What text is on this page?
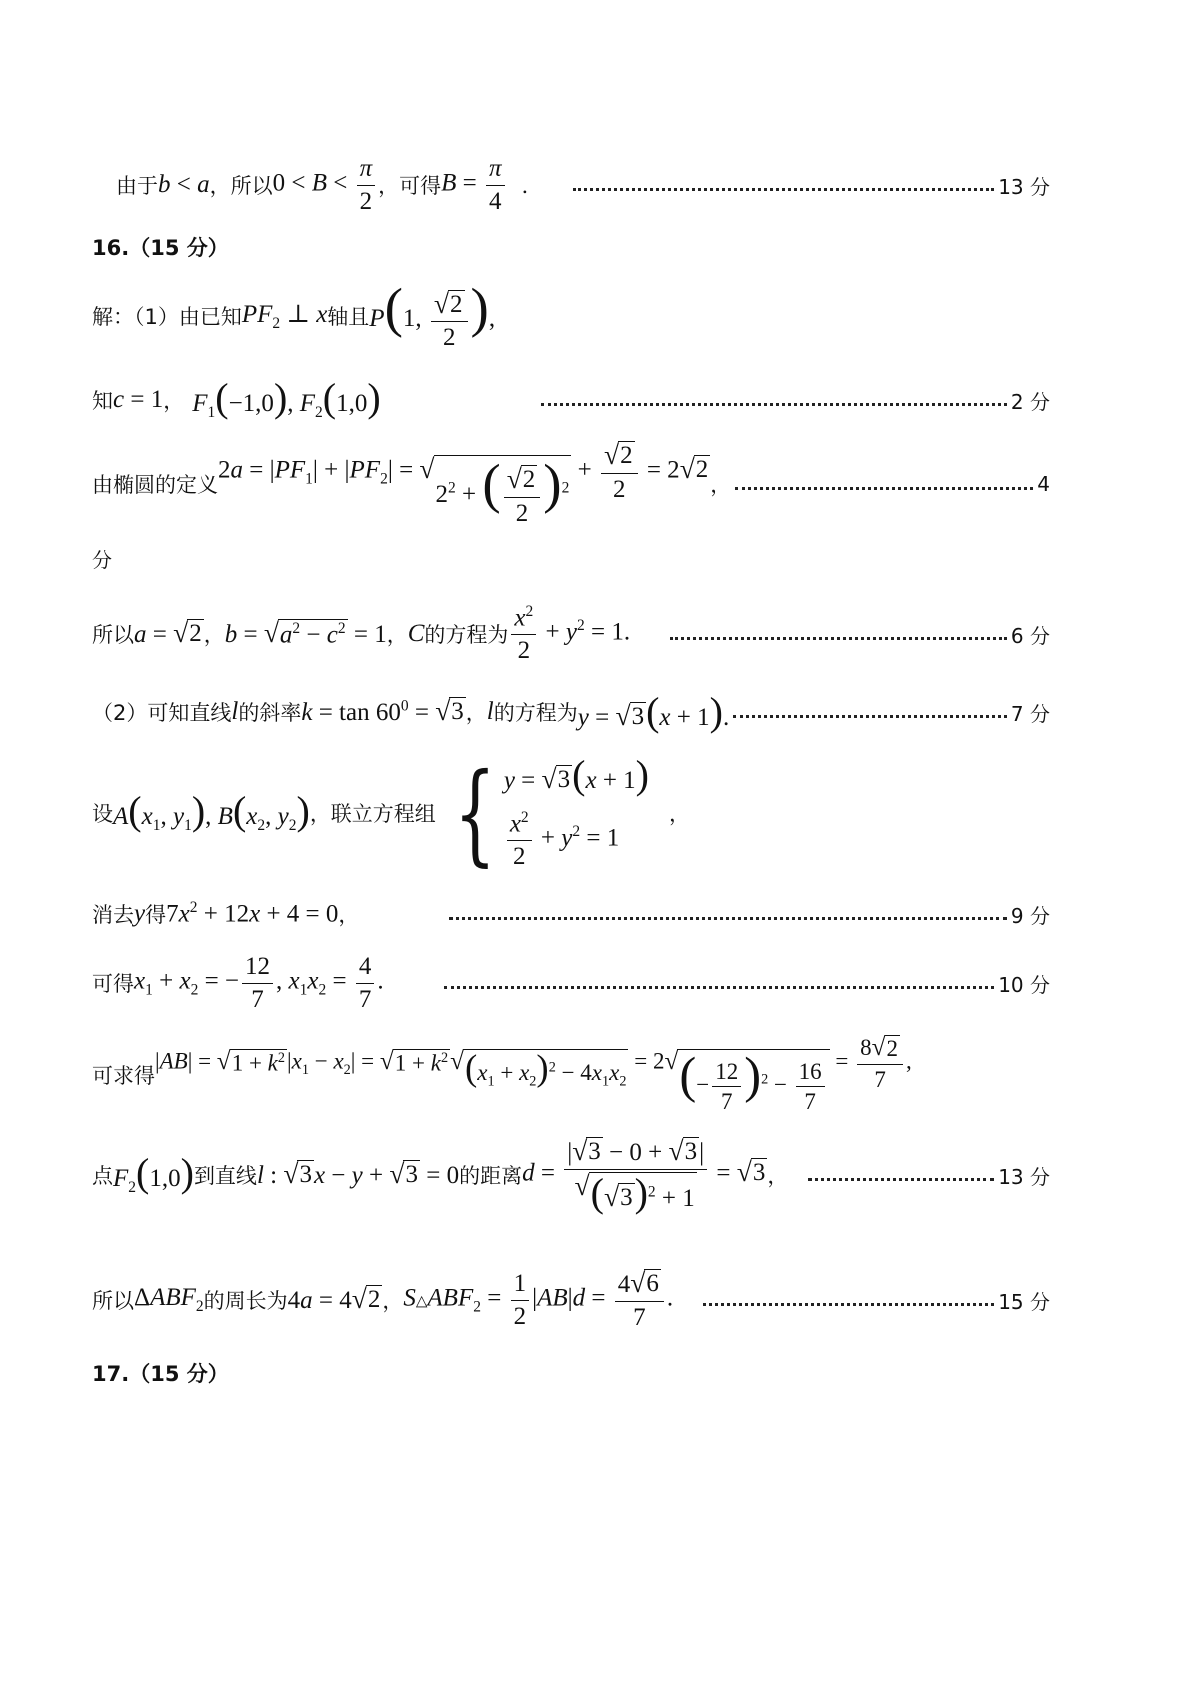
由于 b < a ，所以 $0 < B < \frac{\pi}{2}$ ，可得 $B = \frac{\pi}{4}$ ．	13 分
16.（15 分）
解：（1）由已知 $PF_2$ ⊥ x 轴且 P(1, $\frac{√ 2}{2}$ ),
知 c = 1 ， $F_1(-1,0)$, $F_2(1,0)$	2 分
由椭圆的定义
$2a = |PF_1| + |PF_2|$ = √
$2^2$ + ( $\frac{√ 2}{2} )^2$
+ $\frac{√ 2}{2} = 2$ √ 2
，	4
分
所以 a = √ 2 ， b = √ $a^2 - c^2 = 1$ ， C 的方程为 $\frac{x^2}{2} + y^2 = 1$.	6 分
（2）可知直线 l 的斜率 $k = \tan 60^0$ = √ 3 ， l 的方程为 y = √ 3 (x + 1).	7 分
设 $A(x_1$, $y_1$), $B(x_2$, $y_2$) ，联立方程组 { y = √ 3 (x + 1)
$\frac{x^2}{2} + y^2 = 1$
，
消去 y 得 $7x^2 + 12x + 4 = 0$ ，	9 分
可得 $x_1 + x_2$ = − $\frac{12}{7}$ , $x_1x_2 = \frac{4}{7}$ .	10 分
可求得
|AB| = √ $1 + k^2$ $|x_1 - x_2|$ = √ $1 + k^2$ √ $(x_1 + x_2)^2 - 4x_1x_2$
= 2 √ (− $\frac{12}{7} )^2 - \frac{16}{7} = \frac{8 √ 2}{7}$ ,
点 $F_2(1,0)$ 到直线 l : √ 3 x − y + √ 3 = 0 的距离 $d = \frac{| √ 3 - 0 + √ 3 |}{√ ( √ 3 )^2 + 1}$ = √ 3 ，	13 分
所以 $\Delta ABF_2$ 的周长为 4a = 4 √ 2 ， $S\triangle ABF_2 = \frac{1}{2} |AB|d = \frac{4 √ 6}{7}$ .	15 分
17.（15 分）
